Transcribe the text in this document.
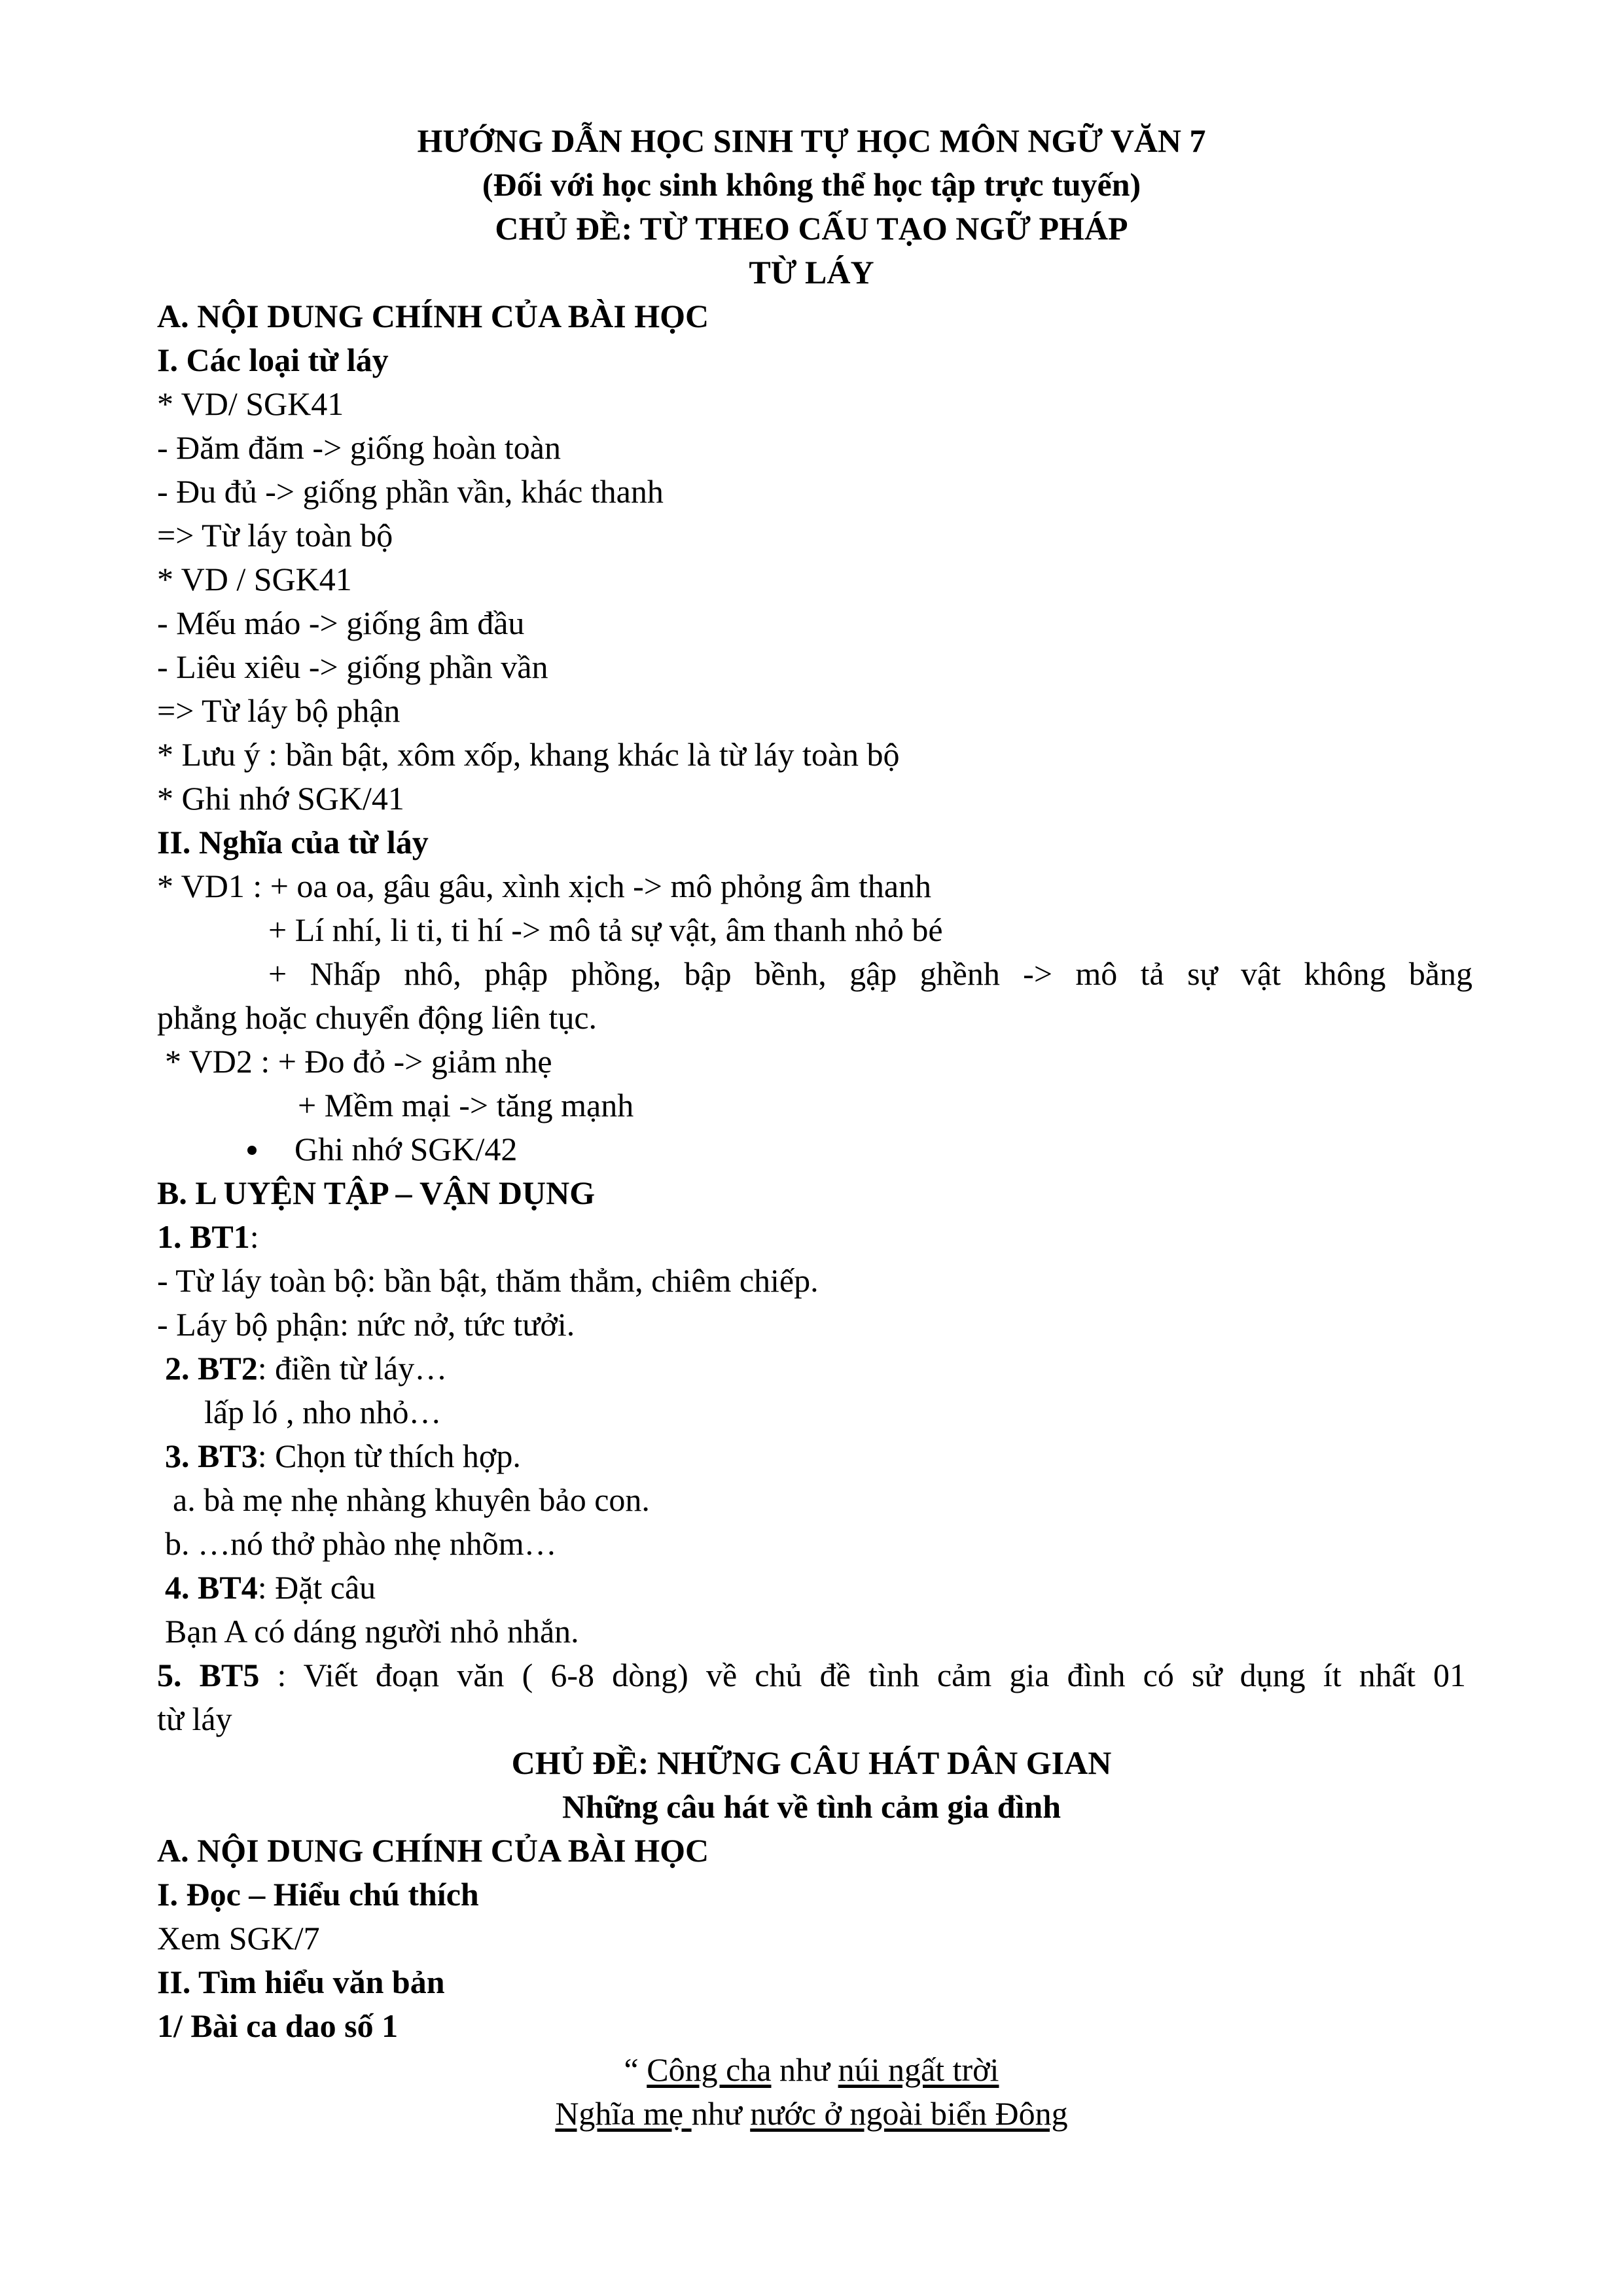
HƯỚNG DẪN HỌC SINH TỰ HỌC MÔN NGỮ VĂN 7
(Đối với học sinh không thể học tập trực tuyến)
CHỦ ĐỀ: TỪ THEO CẤU TẠO NGỮ PHÁP
TỪ LÁY
A. NỘI DUNG CHÍNH CỦA BÀI HỌC
I. Các loại từ láy
* VD/ SGK41
- Đăm đăm -> giống hoàn toàn
- Đu đủ -> giống phần vần, khác thanh
=> Từ láy toàn bộ
* VD / SGK41
- Mếu máo -> giống âm đầu
- Liêu xiêu -> giống phần vần
=> Từ láy bộ phận
* Lưu ý : bần bật, xôm xốp, khang khác là từ láy toàn bộ
* Ghi nhớ SGK/41
II. Nghĩa của từ láy
* VD1 : + oa oa, gâu gâu, xình xịch -> mô phỏng âm thanh
+ Lí nhí, li ti, ti hí -> mô tả sự vật, âm thanh nhỏ bé
+ Nhấp nhô, phập phồng, bập bềnh, gập ghềnh -> mô tả sự vật không bằng
phẳng hoặc chuyển động liên tục.
* VD2 : + Đo đỏ -> giảm nhẹ
+ Mềm mại -> tăng mạnh
Ghi nhớ SGK/42
B. L UYỆN TẬP – VẬN DỤNG
1. BT1:
- Từ láy toàn bộ: bần bật, thăm thẳm, chiêm chiếp.
- Láy bộ phận: nức nở, tức tưởi.
2. BT2: điền từ láy…
lấp ló , nho nhỏ…
3. BT3: Chọn từ thích hợp.
a. bà mẹ nhẹ nhàng khuyên bảo con.
b. …nó thở phào nhẹ nhõm…
4. BT4: Đặt câu
Bạn A có dáng người nhỏ nhắn.
5. BT5 : Viết đoạn văn ( 6-8 dòng) về chủ đề tình cảm gia đình có sử dụng ít nhất 01
từ láy
CHỦ ĐỀ: NHỮNG CÂU HÁT DÂN GIAN
Những câu hát về tình cảm gia đình
A. NỘI DUNG CHÍNH CỦA BÀI HỌC
I. Đọc – Hiểu chú thích
Xem SGK/7
II. Tìm hiểu văn bản
1/ Bài ca dao số 1
“ Công cha như núi ngất trời
Nghĩa mẹ như nước ở ngoài biển Đông
